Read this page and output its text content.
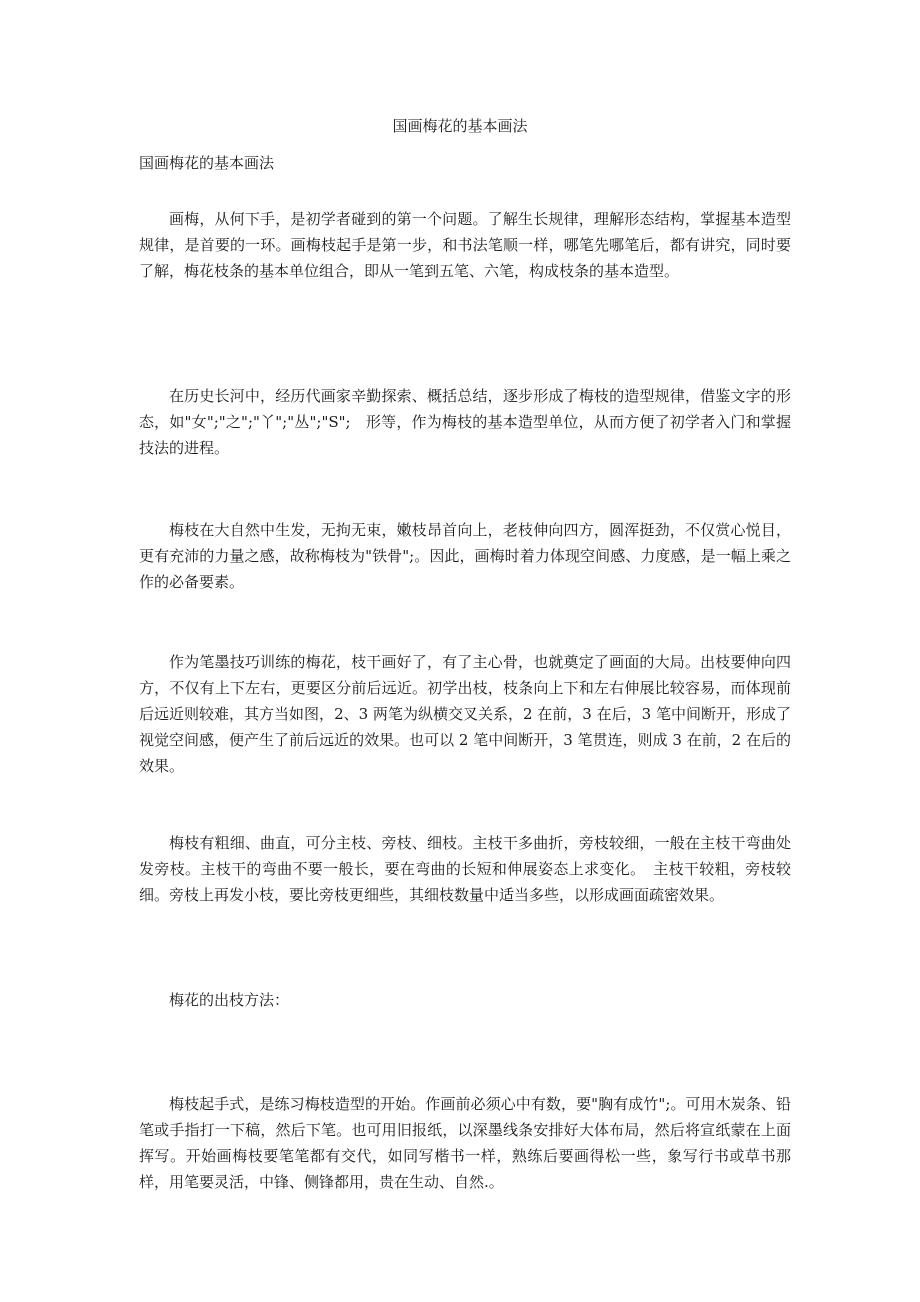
国画梅花的基本画法
国画梅花的基本画法

画梅，从何下手，是初学者碰到的第一个问题。了解生长规律，理解形态结构，掌握基本造型规律，是首要的一环。画梅枝起手是第一步，和书法笔顺一样，哪笔先哪笔后，都有讲究，同时要了解，梅花枝条的基本单位组合，即从一笔到五笔、六笔，构成枝条的基本造型。

在历史长河中，经历代画家辛勤探索、概括总结，逐步形成了梅枝的造型规律，借鉴文字的形态，如"女";"之";"丫";"丛";"S";　形等，作为梅枝的基本造型单位，从而方便了初学者入门和掌握技法的进程。

梅枝在大自然中生发，无拘无束，嫩枝昂首向上，老枝伸向四方，圆浑挺劲，不仅赏心悦目，更有充沛的力量之感，故称梅枝为"铁骨";。因此，画梅时着力体现空间感、力度感，是一幅上乘之作的必备要素。

作为笔墨技巧训练的梅花，枝干画好了，有了主心骨，也就奠定了画面的大局。出枝要伸向四方，不仅有上下左右，更要区分前后远近。初学出枝，枝条向上下和左右伸展比较容易，而体现前后远近则较难，其方当如图，2、3 两笔为纵横交叉关系，2 在前，3 在后，3 笔中间断开，形成了视觉空间感，便产生了前后远近的效果。也可以 2 笔中间断开，3 笔贯连，则成 3 在前，2 在后的效果。

梅枝有粗细、曲直，可分主枝、旁枝、细枝。主枝干多曲折，旁枝较细，一般在主枝干弯曲处发旁枝。主枝干的弯曲不要一般长，要在弯曲的长短和伸展姿态上求变化。　主枝干较粗，旁枝较细。旁枝上再发小枝，要比旁枝更细些，其细枝数量中适当多些，以形成画面疏密效果。

梅花的出枝方法：

梅枝起手式，是练习梅枝造型的开始。作画前必须心中有数，要"胸有成竹";。可用木炭条、铅笔或手指打一下稿，然后下笔。也可用旧报纸，以深墨线条安排好大体布局，然后将宣纸蒙在上面挥写。开始画梅枝要笔笔都有交代，如同写楷书一样，熟练后要画得松一些，象写行书或草书那样，用笔要灵活，中锋、侧锋都用，贵在生动、自然.。
